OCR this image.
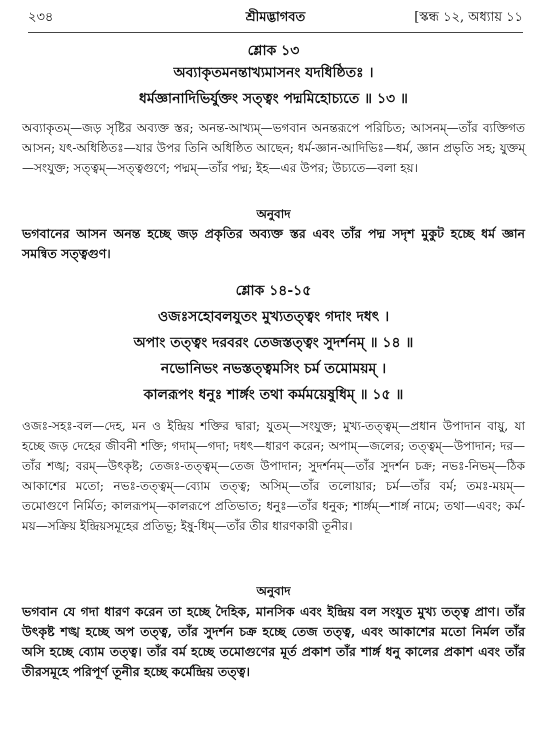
২৩৪	শ্রীমদ্ভাগবত	[স্কন্ধ ১২, অধ্যায় ১১
শ্লোক ১৩
অব্যাকৃতমনন্তাখ্যমাসনং যদধিষ্ঠিতঃ ।
ধর্মজ্ঞানাদিভির্যুক্তং সত্ত্বং পদ্মমিহোচ্যতে ॥ ১৩ ॥
অব্যাকৃতম্—জড় সৃষ্টির অব্যক্ত স্তর; অনন্ত-আখ্যম্—ভগবান অনন্তরূপে পরিচিত; আসনম্—তাঁর ব্যক্তিগত আসন; যৎ-অধিষ্ঠিতঃ—যার উপর তিনি অধিষ্ঠিত আছেন; ধর্ম-জ্ঞান-আদিভিঃ—ধর্ম, জ্ঞান প্রভৃতি সহ; যুক্তম্—সংযুক্ত; সত্ত্বম্—সত্ত্বগুণে; পদ্মম্—তাঁর পদ্ম; ইহ—এর উপর; উচ্যতে—বলা হয়।
অনুবাদ
ভগবানের আসন অনন্ত হচ্ছে জড় প্রকৃতির অব্যক্ত স্তর এবং তাঁর পদ্ম সদৃশ মুকুট হচ্ছে ধর্ম জ্ঞান সমন্বিত সত্ত্বগুণ।
শ্লোক ১৪-১৫
ওজঃসহোবলযুতং মুখ্যতত্ত্বং গদাং দধৎ ।
অপাং তত্ত্বং দরবরং তেজস্তত্ত্বং সুদর্শনম্ ॥ ১৪ ॥
নভোনিভং নভস্তত্ত্বমসিং চর্ম তমোময়ম্ ।
কালরূপং ধনুঃ শার্ঙ্গং তথা কর্মময়েষুধিম্ ॥ ১৫ ॥
ওজঃ-সহঃ-বল—দেহ, মন ও ইন্দ্রিয় শক্তির দ্বারা; যুতম্—সংযুক্ত; মুখ্য-তত্ত্বম্—প্রধান উপাদান বায়ু, যা হচ্ছে জড় দেহের জীবনী শক্তি; গদাম্—গদা; দধৎ—ধারণ করেন; অপাম্—জলের; তত্ত্বম্—উপাদান; দর—তাঁর শঙ্খ; বরম্—উৎকৃষ্ট; তেজঃ-তত্ত্বম্—তেজ উপাদান; সুদর্শনম্—তাঁর সুদর্শন চক্র; নভঃ-নিভম্—ঠিক আকাশের মতো; নভঃ-তত্ত্বম্—ব্যোম তত্ত্ব; অসিম্—তাঁর তলোয়ার; চর্ম—তাঁর বর্ম; তমঃ-ময়ম্—তমোগুণে নির্মিত; কালরূপম্—কালরূপে প্রতিভাত; ধনুঃ—তাঁর ধনুক; শার্ঙ্গম্—শার্ঙ্গ নামে; তথা—এবং; কর্ম-ময়—সক্রিয় ইন্দ্রিয়সমূহের প্রতিভূ; ইষু-ধিম্—তাঁর তীর ধারণকারী তূনীর।
অনুবাদ
ভগবান যে গদা ধারণ করেন তা হচ্ছে দৈহিক, মানসিক এবং ইন্দ্রিয় বল সংযুত মুখ্য তত্ত্ব প্রাণ। তাঁর উৎকৃষ্ট শঙ্খ হচ্ছে অপ তত্ত্ব, তাঁর সুদর্শন চক্র হচ্ছে তেজ তত্ত্ব, এবং আকাশের মতো নির্মল তাঁর অসি হচ্ছে ব্যোম তত্ত্ব। তাঁর বর্ম হচ্ছে তমোগুণের মূর্ত প্রকাশ তাঁর শার্ঙ্গ ধনু কালের প্রকাশ এবং তাঁর তীরসমূহে পরিপূর্ণ তূনীর হচ্ছে কর্মেন্দ্রিয় তত্ত্ব।
